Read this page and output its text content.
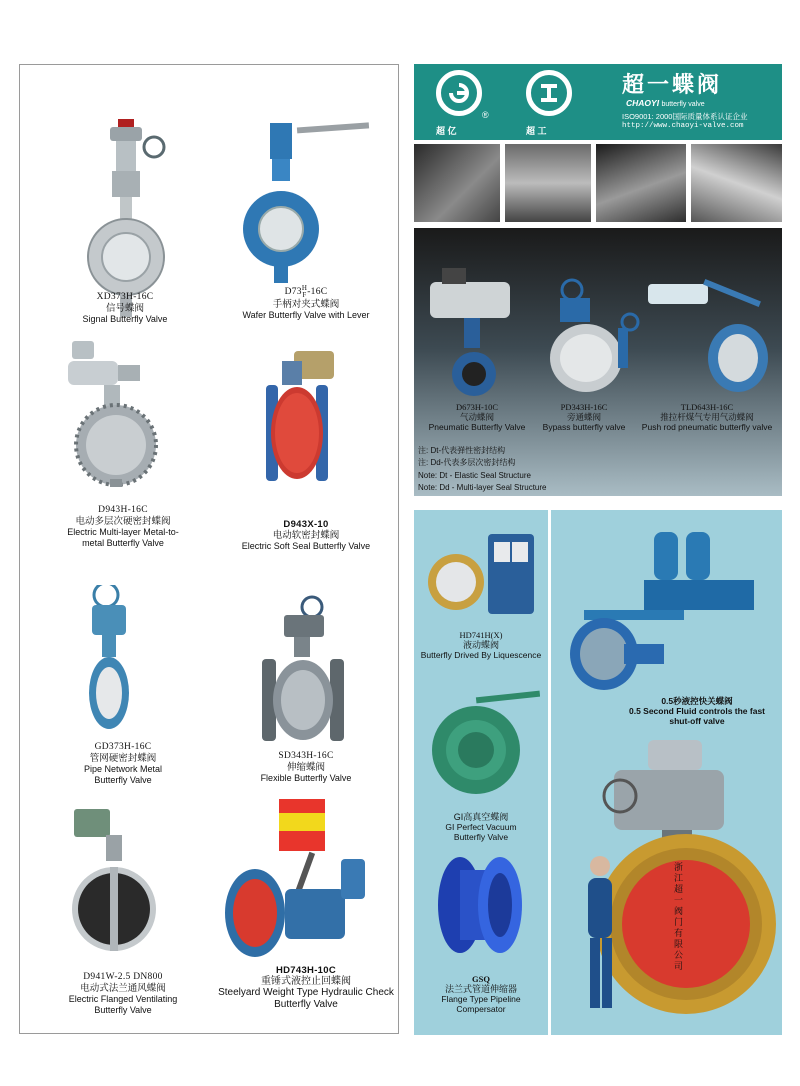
XD373H-16C
信号蝶阀
Signal Butterfly Valve
D73 H
F -16C
手柄对夹式蝶阀
Wafer Butterfly Valve with Lever
D943H-16C
电动多层次硬密封蝶阀
Electric Multi-layer Metal-to-metal Butterfly Valve
D943X-10
电动软密封蝶阀
Electric Soft Seal Butterfly Valve
GD373H-16C
管网硬密封蝶阀
Pipe Network Metal Butterfly Valve
SD343H-16C
伸缩蝶阀
Flexible Butterfly Valve
D941W-2.5 DN800
电动式法兰通风蝶阀
Electric Flanged Ventilating Butterfly Valve
HD743H-10C
重锤式液控止回蝶阀
Steelyard Weight Type Hydraulic Check Butterfly Valve
超 亿
®
超 工
超一蝶阀
CHAOYI butterfly valve
ISO9001: 2000国际质量体系认证企业
http://www.chaoyi-valve.com
D673H-10C
气动蝶阀
Pneumatic Butterfly Valve
PD343H-16C
旁通蝶阀
Bypass butterfly valve
TLD643H-16C
推拉杆煤气专用气动蝶阀
Push rod pneumatic butterfly valve
注: Dt-代表弹性密封结构
注: Dd-代表多层次密封结构
Note: Dt - Elastic Seal Structure
Note: Dd - Multi-layer Seal Structure
HD741H(X)
液动蝶阀
Butterfly Drived By Liquescence
GI高真空蝶阀
GI Perfect Vacuum Butterfly Valve
GSQ
法兰式管道伸缩器
Flange Type Pipeline Compersator
0.5秒液控快关蝶阀
0.5 Second Fluid controls the fast shut-off valve
浙江超一阀门有限公司
